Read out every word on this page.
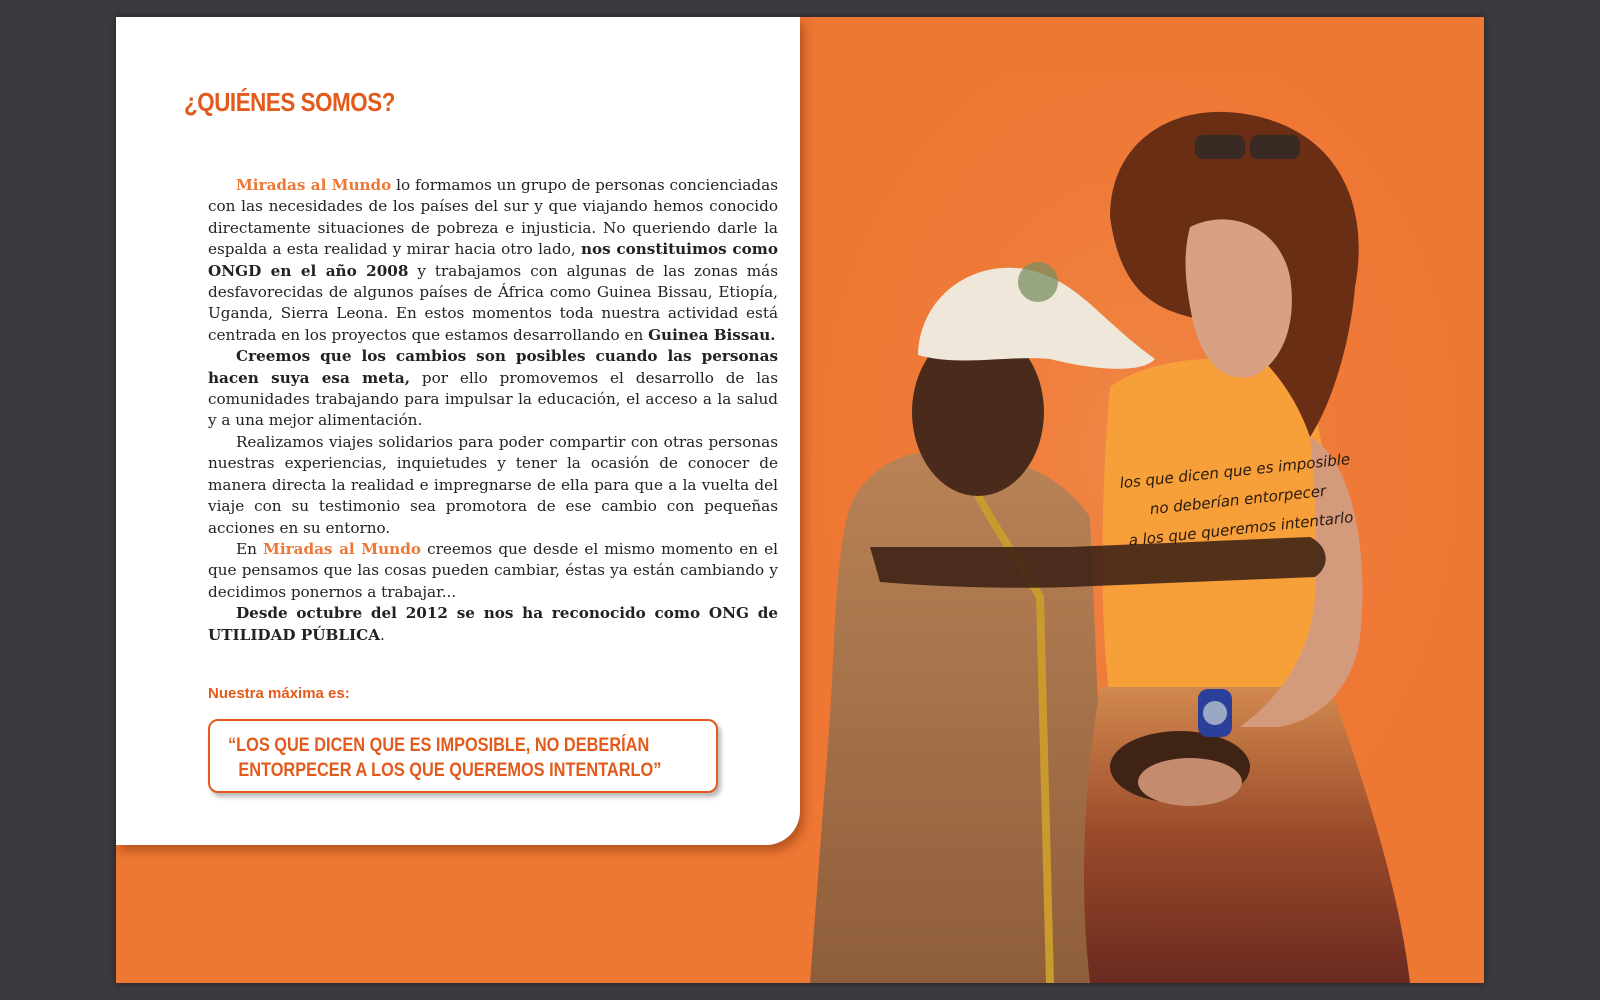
¿QUIÉNES SOMOS?

Miradas al Mundo lo formamos un grupo de personas concienciadas con las necesidades de los países del sur y que viajando hemos conocido directamente situaciones de pobreza e injusticia. No queriendo darle la espalda a esta realidad y mirar hacia otro lado, nos constituimos como ONGD en el año 2008 y trabajamos con algunas de las zonas más desfavorecidas de algunos países de África como Guinea Bissau, Etiopía, Uganda, Sierra Leona. En estos momentos toda nuestra actividad está centrada en los proyectos que estamos desarrollando en Guinea Bissau.

Creemos que los cambios son posibles cuando las personas hacen suya esa meta, por ello promovemos el desarrollo de las comunidades trabajando para impulsar la educación, el acceso a la salud y a una mejor alimentación.

Realizamos viajes solidarios para poder compartir con otras personas nuestras experiencias, inquietudes y tener la ocasión de conocer de manera directa la realidad e impregnarse de ella para que a la vuelta del viaje con su testimonio sea promotora de ese cambio con pequeñas acciones en su entorno.

En Miradas al Mundo creemos que desde el mismo momento en el que pensamos que las cosas pueden cambiar, éstas ya están cambiando y decidimos ponernos a trabajar...

Desde octubre del 2012 se nos ha reconocido como ONG de UTILIDAD PÚBLICA.

Nuestra máxima es:
“LOS QUE DICEN QUE ES IMPOSIBLE, NO DEBERÍAN
ENTORPECER A LOS QUE QUEREMOS INTENTARLO”
los que dicen que es imposible
no deberían entorpecer
a los que queremos intentarlo
